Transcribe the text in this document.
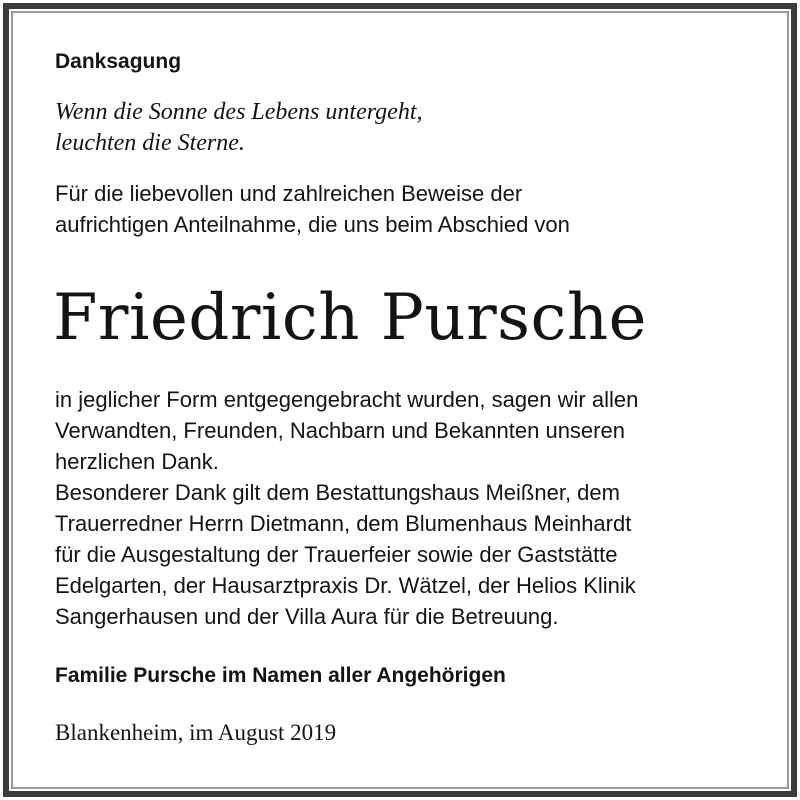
Danksagung

Wenn die Sonne des Lebens untergeht,
leuchten die Sterne.

Für die liebevollen und zahlreichen Beweise der
aufrichtigen Anteilnahme, die uns beim Abschied von

Friedrich Pursche

in jeglicher Form entgegengebracht wurden, sagen wir allen
Verwandten, Freunden, Nachbarn und Bekannten unseren
herzlichen Dank.
Besonderer Dank gilt dem Bestattungshaus Meißner, dem
Trauerredner Herrn Dietmann, dem Blumenhaus Meinhardt
für die Ausgestaltung der Trauerfeier sowie der Gaststätte
Edelgarten, der Hausarztpraxis Dr. Wätzel, der Helios Klinik
Sangerhausen und der Villa Aura für die Betreuung.

Familie Pursche im Namen aller Angehörigen

Blankenheim, im August 2019
